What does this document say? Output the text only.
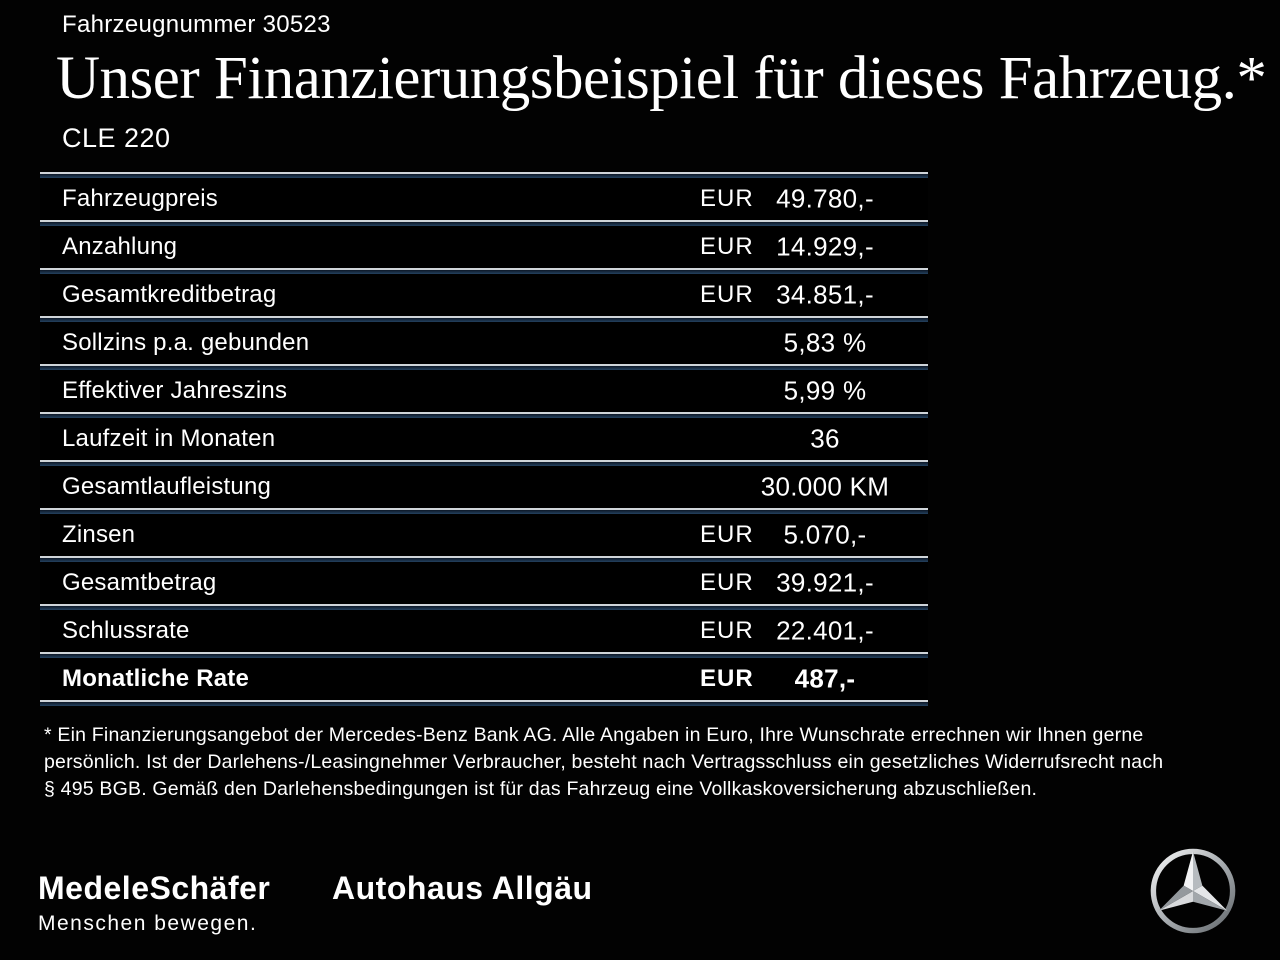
Fahrzeugnummer 30523
Unser Finanzierungsbeispiel für dieses Fahrzeug.*
CLE 220
Fahrzeugpreis	EUR 49.780,-
Anzahlung	EUR 14.929,-
Gesamtkreditbetrag	EUR 34.851,-
Sollzins p.a. gebunden	5,83 %
Effektiver Jahreszins	5,99 %
Laufzeit in Monaten	36
Gesamtlaufleistung	30.000 KM
Zinsen	EUR	5.070,-
Gesamtbetrag	EUR 39.921,-
Schlussrate	EUR 22.401,-
Monatliche Rate	EUR	487,-
* Ein Finanzierungsangebot der Mercedes-Benz Bank AG. Alle Angaben in Euro, Ihre Wunschrate errechnen wir Ihnen gerne
persönlich. Ist der Darlehens-/Leasingnehmer Verbraucher, besteht nach Vertragsschluss ein gesetzliches Widerrufsrecht nach
§ 495 BGB. Gemäß den Darlehensbedingungen ist für das Fahrzeug eine Vollkaskoversicherung abzuschließen.
MedeleSchäfer
Menschen bewegen.
Autohaus Allgäu
